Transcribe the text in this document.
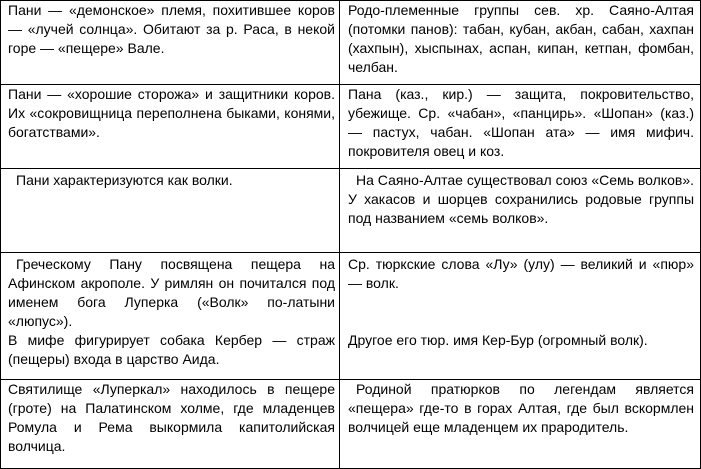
Пани — «демонское» племя, похитившее коров — «лучей солнца». Обитают за р. Раса, в некой горе — «пещере» Вале.

Родо-племенные группы сев. хр. Саяно-Алтая (потомки панов): табан, кубан, акбан, сабан, хахпан (хахпын), хыспынах, аспан, кипан, кетпан, фомбан, челбан.

Пани — «хорошие сторожа» и защитники коров. Их «сокровищница переполнена быками, конями, богатствами».

Пана (каз., кир.) — защита, покровительство, убежище. Ср. «чабан», «панцирь». «Шопан» (каз.) — пастух, чабан. «Шопан ата» — имя мифич. покровителя овец и коз.

Пани характеризуются как волки.	На Саяно-Алтае существовал союз «Семь волков». У хакасов и шорцев сохранились родовые группы под названием «семь волков».

Греческому Пану посвящена пещера на Афинском акрополе. У римлян он почитался под именем бога Луперка («Волк» по-латыни «люпус»).

В мифе фигурирует собака Кербер — страж (пещеры) входа в царство Аида.

Ср. тюркские слова «Лу» (улу) — великий и «пюр» — волк.

Другое его тюр. имя Кер-Бур (огромный волк).

Святилище «Луперкал» находилось в пещере (гроте) на Палатинском холме, где младенцев Ромула и Рема выкормила капитолийская волчица.

Родиной пратюрков по легендам является «пещера» где-то в горах Алтая, где был вскормлен волчицей еще младенцем их прародитель.
